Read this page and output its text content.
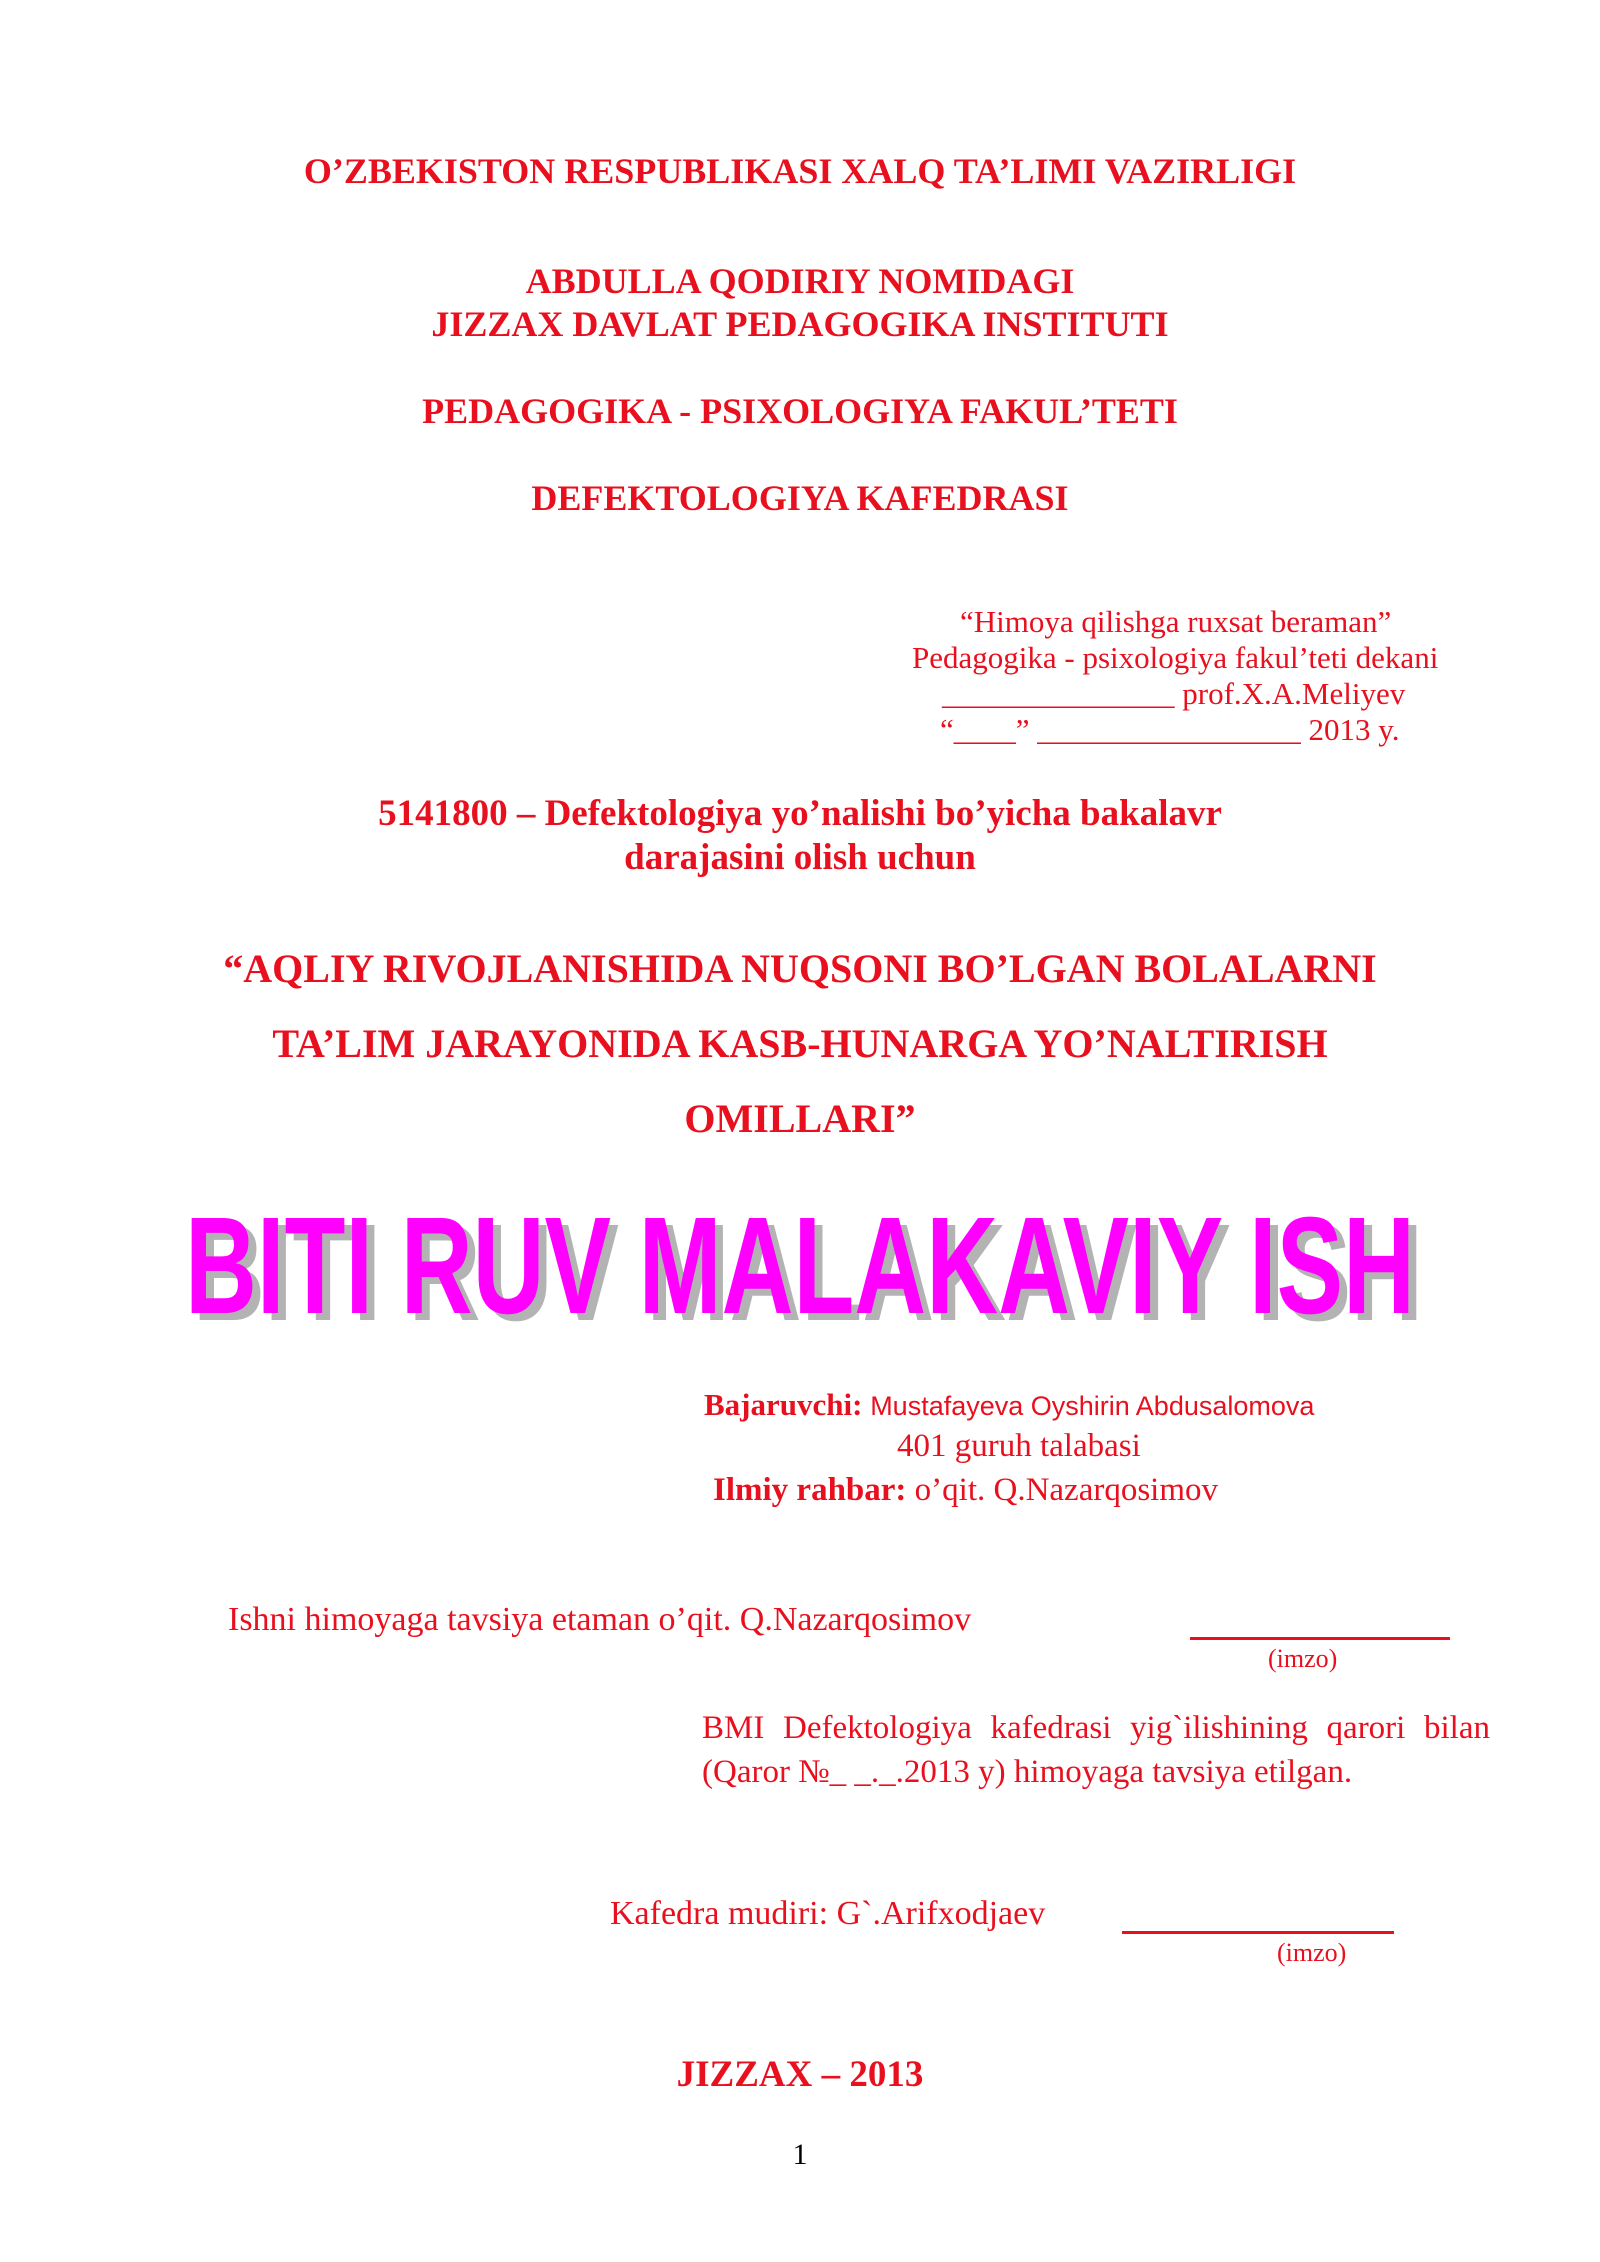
O’ZBEKISTON RESPUBLIKASI XALQ TA’LIMI VAZIRLIGI
ABDULLA QODIRIY NOMIDAGI
JIZZAX DAVLAT PEDAGOGIKA INSTITUTI
PEDAGOGIKA - PSIXOLOGIYA FAKUL’TETI
DEFEKTOLOGIYA KAFEDRASI
“Himoya qilishga ruxsat beraman”
Pedagogika - psixologiya fakul’teti dekani
_______________ prof.X.A.Meliyev
“____” _________________ 2013 y.
5141800 – Defektologiya yo’nalishi bo’yicha bakalavr
darajasini olish uchun
“AQLIY RIVOJLANISHIDA NUQSONI BO’LGAN BOLALARNI
TA’LIM JARAYONIDA KASB-HUNARGA YO’NALTIRISH
OMILLARI”
BITI RUV MALAKAVIY ISH
BITI RUV MALAKAVIY ISH
Bajaruvchi: Mustafayeva Oyshirin Abdusalomova
401 guruh talabasi
Ilmiy rahbar: o’qit. Q.Nazarqosimov
Ishni himoyaga tavsiya etaman o’qit. Q.Nazarqosimov
(imzo)
BMI Defektologiya kafedrasi yig`ilishining qarori bilan (Qaror №_ _._.2013 y) himoyaga tavsiya etilgan.
Kafedra mudiri: G`.Arifxodjaev
(imzo)
JIZZAX – 2013
1
